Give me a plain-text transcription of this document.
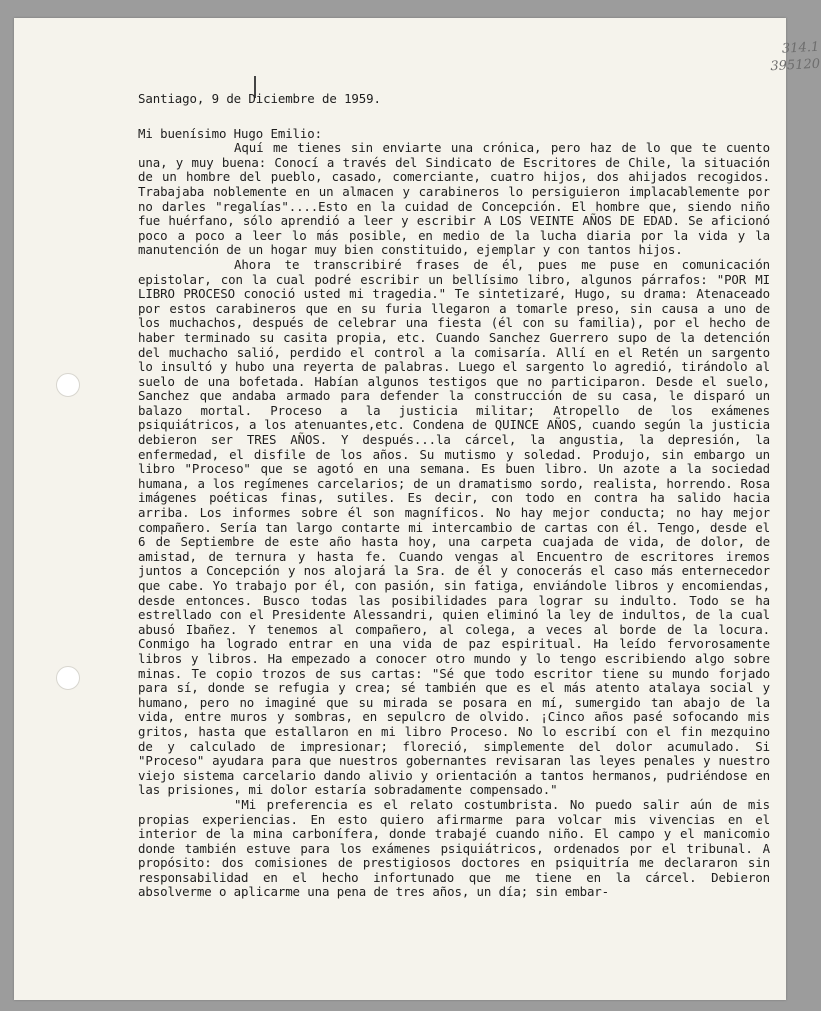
314.1
395120

Santiago, 9 de Diciembre de 1959.

Mi buenísimo Hugo Emilio:

Aquí me tienes sin enviarte una crónica, pero haz de lo que te cuento una, y muy buena: Conocí a través del Sindicato de Escritores de Chile, la situación de un hombre del pueblo, casado, comerciante, cuatro hijos, dos ahijados recogidos. Trabajaba noblemente en un almacen y carabineros lo persiguieron implacablemente por no darles "regalías"....Esto en la cuidad de Concepción. El hombre que, siendo niño fue huérfano, sólo aprendió a leer y escribir A LOS VEINTE AÑOS DE EDAD. Se aficionó poco a poco a leer lo más posible, en medio de la lucha diaria por la vida y la manutención de un hogar muy bien constituido, ejemplar y con tantos hijos.

Ahora te transcribiré frases de él, pues me puse en comunicación epistolar, con la cual podré escribir un bellísimo libro, algunos párrafos: "POR MI LIBRO PROCESO conoció usted mi tragedia." Te sintetizaré, Hugo, su drama: Atenaceado por estos carabineros que en su furia llegaron a tomarle preso, sin causa a uno de los muchachos, después de celebrar una fiesta (él con su familia), por el hecho de haber terminado su casita propia, etc. Cuando Sanchez Guerrero supo de la detención del muchacho salió, perdido el control a la comisaría. Allí en el Retén un sargento lo insultó y hubo una reyerta de palabras. Luego el sargento lo agredió, tirándolo al suelo de una bofetada. Habían algunos testigos que no participaron. Desde el suelo, Sanchez que andaba armado para defender la construcción de su casa, le disparó un balazo mortal. Proceso a la justicia militar; Atropello de los exámenes psiquiátricos, a los atenuantes,etc. Condena de QUINCE AÑOS, cuando según la justicia debieron ser TRES AÑOS. Y después...la cárcel, la angustia, la depresión, la enfermedad, el disfile de los años. Su mutismo y soledad. Produjo, sin embargo un libro "Proceso" que se agotó en una semana. Es buen libro. Un azote a la sociedad humana, a los regímenes carcelarios; de un dramatismo sordo, realista, horrendo. Rosa imágenes poéticas finas, sutiles. Es decir, con todo en contra ha salido hacia arriba. Los informes sobre él son magníficos. No hay mejor conducta; no hay mejor compañero. Sería tan largo contarte mi intercambio de cartas con él. Tengo, desde el 6 de Septiembre de este año hasta hoy, una carpeta cuajada de vida, de dolor, de amistad, de ternura y hasta fe. Cuando vengas al Encuentro de escritores iremos juntos a Concepción y nos alojará la Sra. de él y conocerás el caso más enternecedor que cabe. Yo trabajo por él, con pasión, sin fatiga, enviándole libros y encomiendas, desde entonces. Busco todas las posibilidades para lograr su indulto. Todo se ha estrellado con el Presidente Alessandri, quien eliminó la ley de indultos, de la cual abusó Ibañez. Y tenemos al compañero, al colega, a veces al borde de la locura. Conmigo ha logrado entrar en una vida de paz espiritual. Ha leído fervorosamente libros y libros. Ha empezado a conocer otro mundo y lo tengo escribiendo algo sobre minas. Te copio trozos de sus cartas: "Sé que todo escritor tiene su mundo forjado para sí, donde se refugia y crea; sé también que es el más atento atalaya social y humano, pero no imaginé que su mirada se posara en mí, sumergido tan abajo de la vida, entre muros y sombras, en sepulcro de olvido. ¡Cinco años pasé sofocando mis gritos, hasta que estallaron en mi libro Proceso. No lo escribí con el fin mezquino de y calculado de impresionar; floreció, simplemente del dolor acumulado. Si "Proceso" ayudara para que nuestros gobernantes revisaran las leyes penales y nuestro viejo sistema carcelario dando alivio y orientación a tantos hermanos, pudriéndose en las prisiones, mi dolor estaría sobradamente compensado."

"Mi preferencia es el relato costumbrista. No puedo salir aún de mis propias experiencias. En esto quiero afirmarme para volcar mis vivencias en el interior de la mina carbonífera, donde trabajé cuando niño. El campo y el manicomio donde también estuve para los exámenes psiquiátricos, ordenados por el tribunal. A propósito: dos comisiones de prestigiosos doctores en psiquitría me declararon sin responsabilidad en el hecho infortunado que me tiene en la cárcel. Debieron absolverme o aplicarme una pena de tres años, un día; sin embar-
